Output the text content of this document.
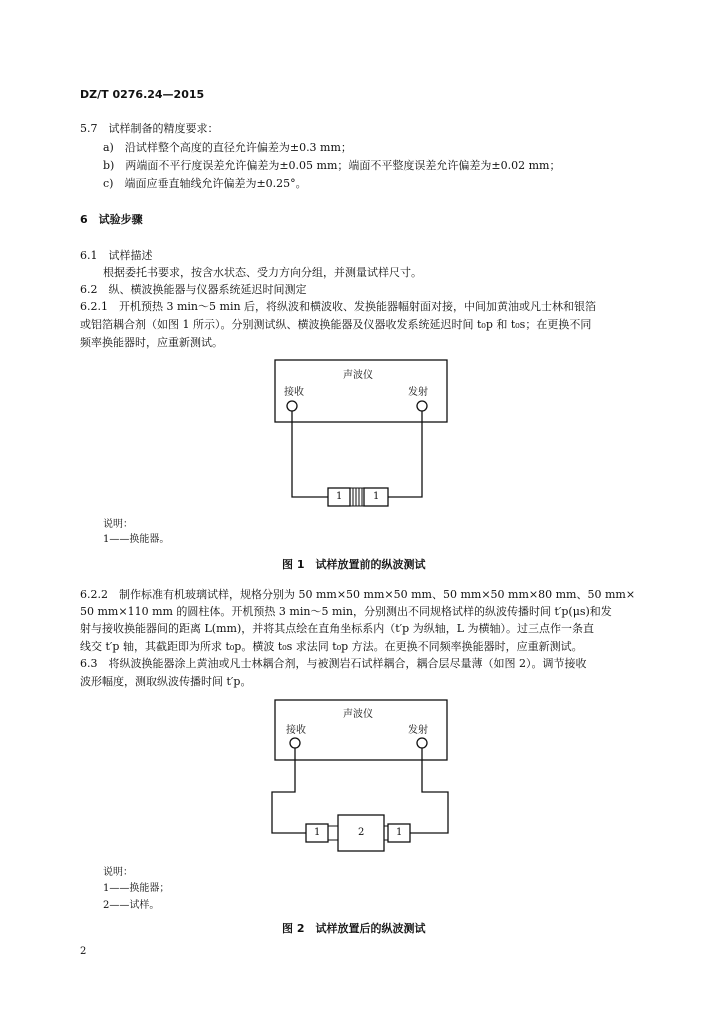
DZ/T 0276.24—2015
5.7　试样制备的精度要求：
a)　沿试样整个高度的直径允许偏差为±0.3 mm；
b)　两端面不平行度误差允许偏差为±0.05 mm；端面不平整度误差允许偏差为±0.02 mm；
c)　端面应垂直轴线允许偏差为±0.25°。
6　试验步骤
6.1　试样描述
根据委托书要求，按含水状态、受力方向分组，并测量试样尺寸。
6.2　纵、横波换能器与仪器系统延迟时间测定
6.2.1　开机预热 3 min～5 min 后，将纵波和横波收、发换能器幅射面对接，中间加黄油或凡士林和银箔
或铝箔耦合剂（如图 1 所示）。分别测试纵、横波换能器及仪器收发系统延迟时间 t₀p 和 t₀s；在更换不同
频率换能器时，应重新测试。
声波仪
接收	发射
1	1
说明：
1——换能器。
图 1　试样放置前的纵波测试
6.2.2　制作标准有机玻璃试样，规格分别为 50 mm×50 mm×50 mm、50 mm×50 mm×80 mm、50 mm×
50 mm×110 mm 的圆柱体。开机预热 3 min～5 min，分别测出不同规格试样的纵波传播时间 t′p(μs)和发
射与接收换能器间的距离 L(mm)，并将其点绘在直角坐标系内（t′p 为纵轴，L 为横轴）。过三点作一条直
线交 t′p 轴，其截距即为所求 t₀p。横波 t₀s 求法同 t₀p 方法。在更换不同频率换能器时，应重新测试。
6.3　将纵波换能器涂上黄油或凡士林耦合剂，与被测岩石试样耦合，耦合层尽量薄（如图 2）。调节接收
波形幅度，测取纵波传播时间 t′p。
声波仪
接收	发射
1	2	1
说明：
1——换能器；
2——试样。
图 2　试样放置后的纵波测试
2
